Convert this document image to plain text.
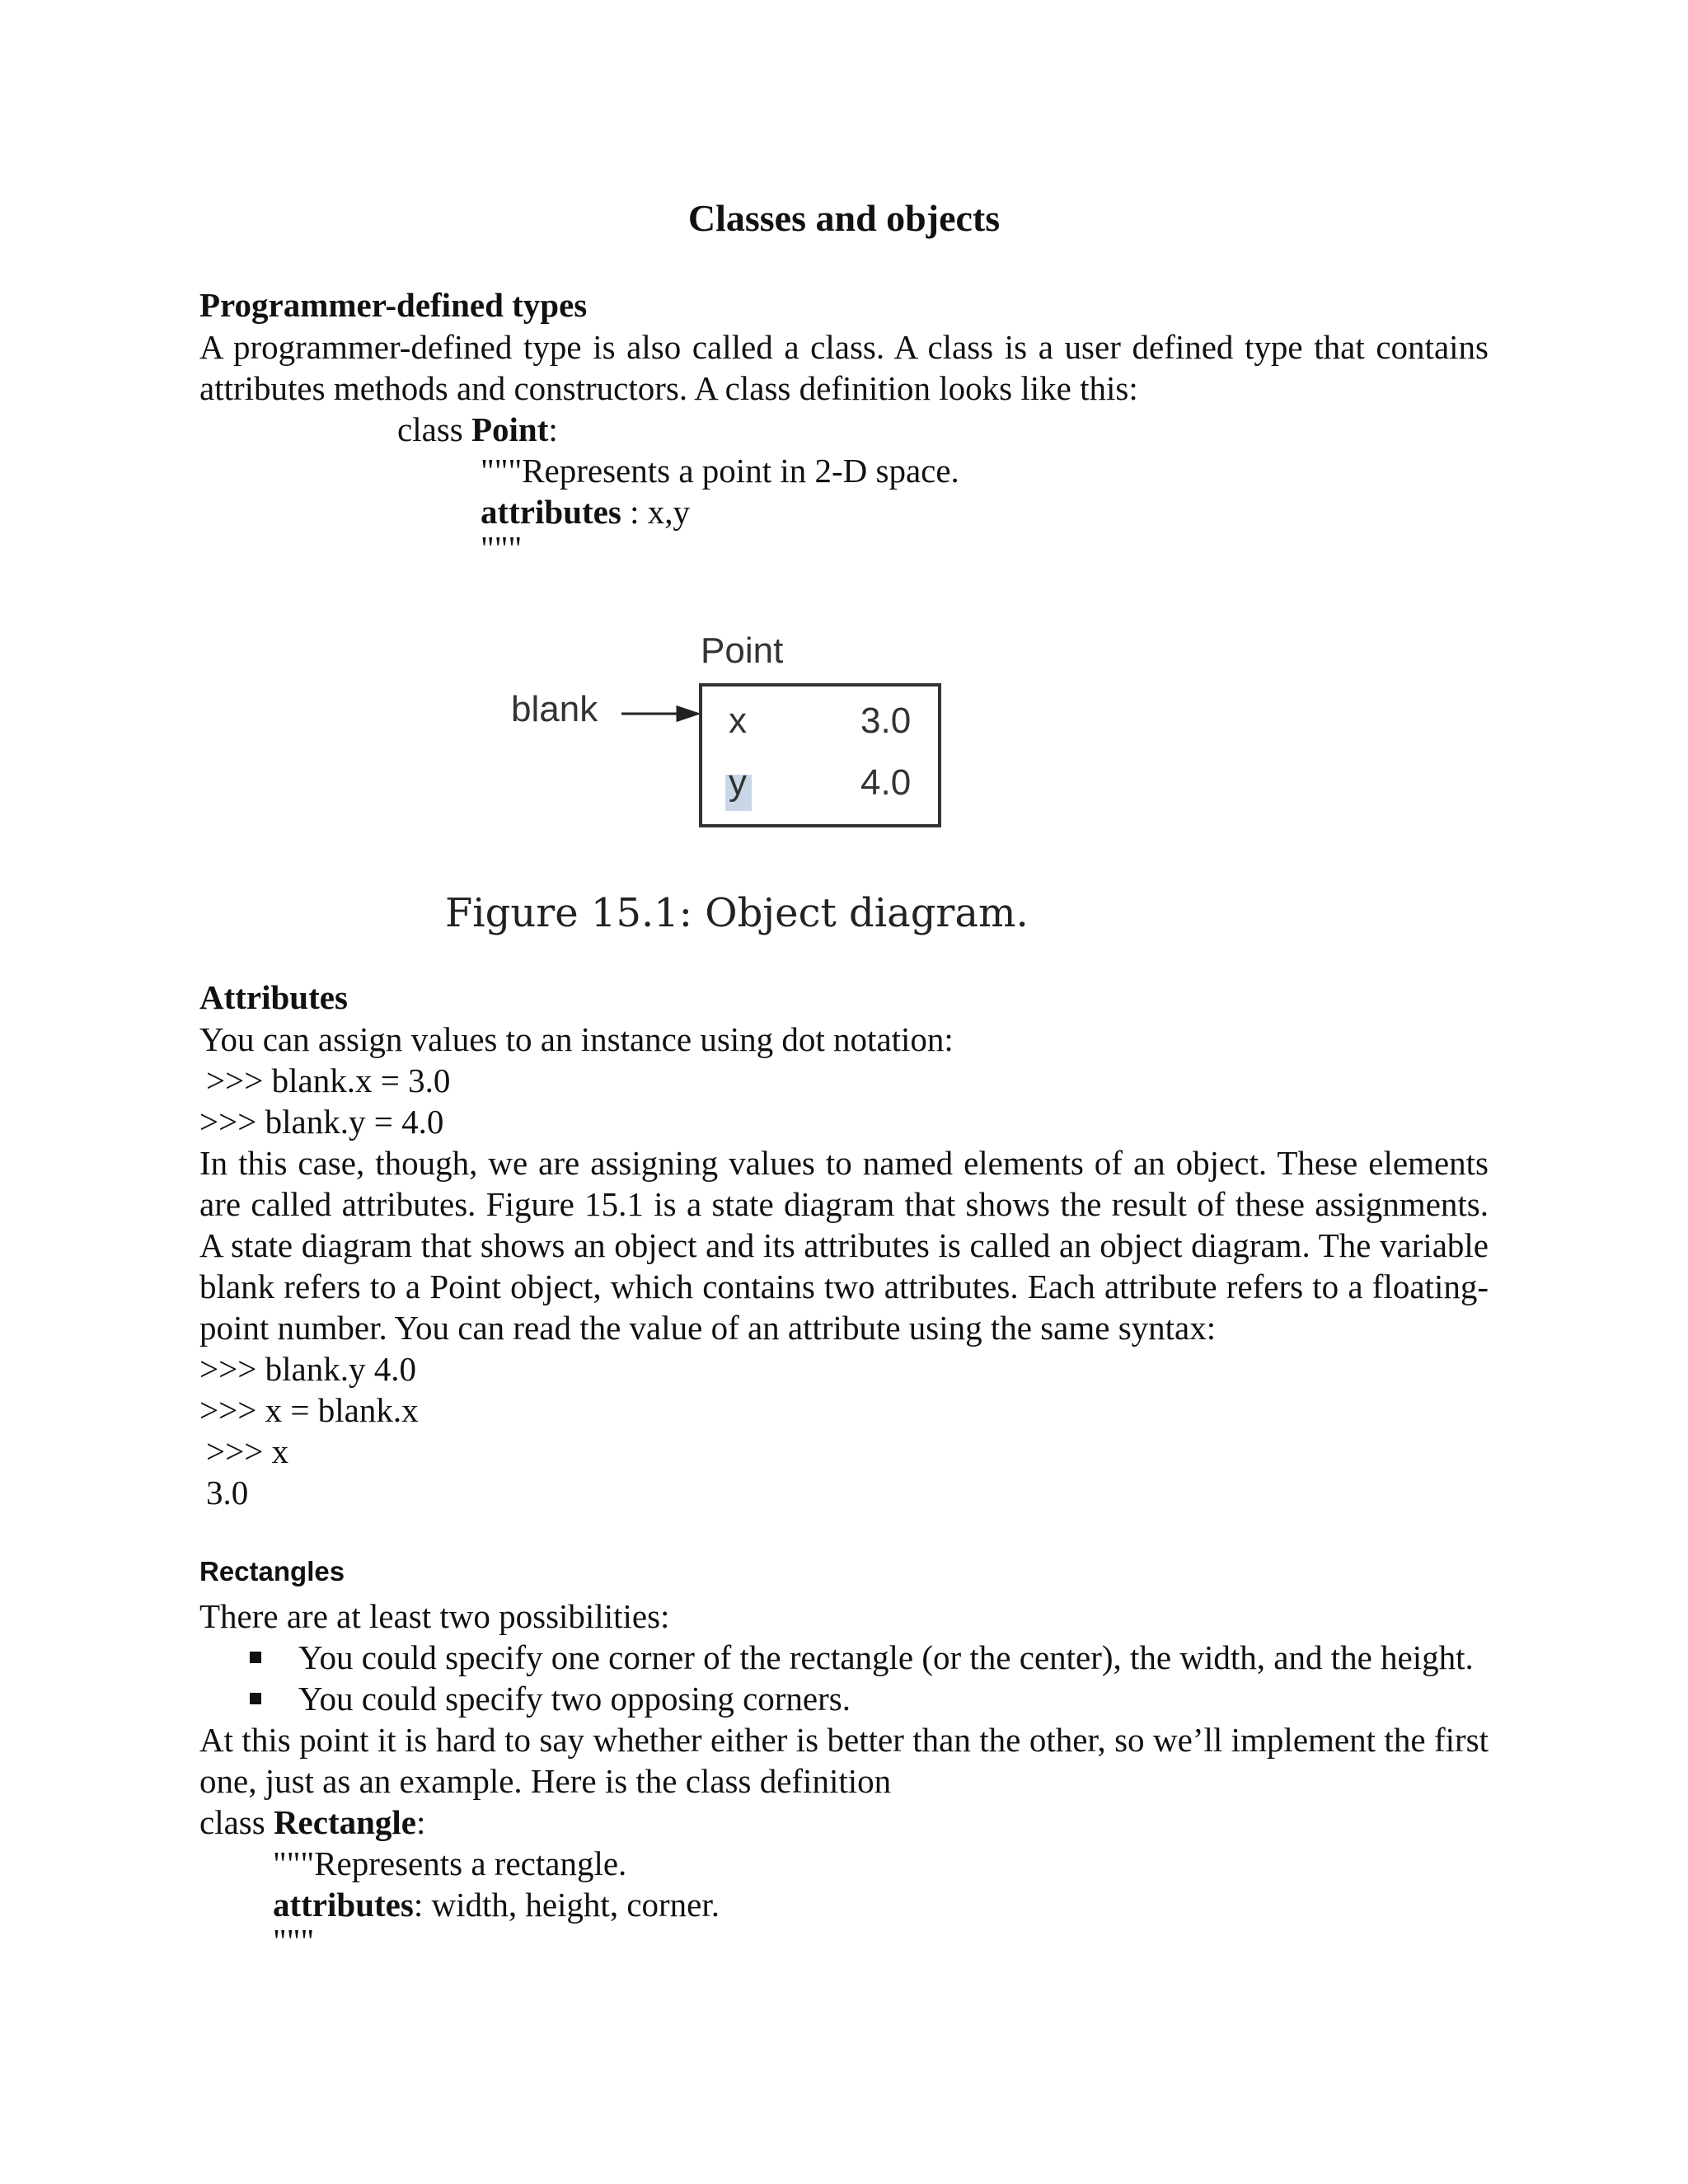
Classes and objects
Programmer-defined types
A programmer-defined type is also called a class. A class is a user defined type that contains
attributes methods and constructors. A class definition looks like this:
class Point:
"""Represents a point in 2-D space.
attributes : x,y
"""
Point
blank	x	3.0
y	4.0
Figure 15.1: Object diagram.
Attributes
You can assign values to an instance using dot notation:
>>> blank.x = 3.0
>>> blank.y = 4.0
In this case, though, we are assigning values to named elements of an object. These elements are called attributes. Figure 15.1 is a state diagram that shows the result of these assignments. A state diagram that shows an object and its attributes is called an object diagram. The variable blank refers to a Point object, which contains two attributes. Each attribute refers to a floating-point number. You can read the value of an attribute using the same syntax:
>>> blank.y 4.0
>>> x = blank.x
>>> x
3.0
Rectangles
There are at least two possibilities:
You could specify one corner of the rectangle (or the center), the width, and the height.
You could specify two opposing corners.
At this point it is hard to say whether either is better than the other, so we’ll implement the first one, just as an example. Here is the class definition
class Rectangle:
"""Represents a rectangle.
attributes: width, height, corner.
"""
